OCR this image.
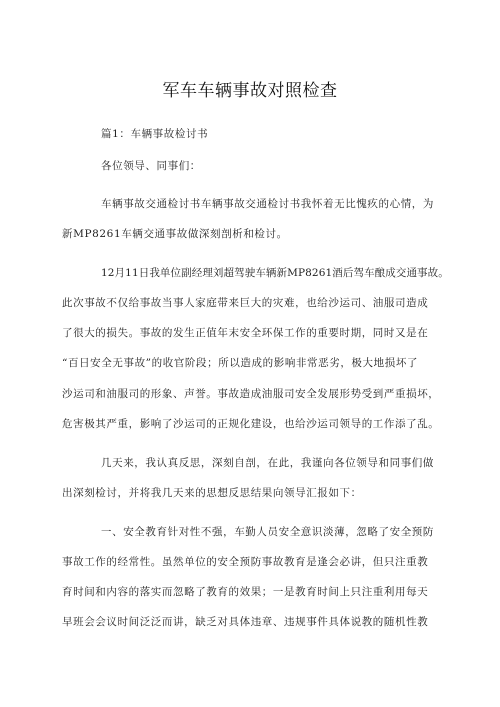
军车车辆事故对照检查
篇1：车辆事故检讨书
各位领导、同事们：
车辆事故交通检讨书车辆事故交通检讨书我怀着无比愧疚的心情，为
新MP8261车辆交通事故做深刻剖析和检讨。
12月11日我单位副经理刘超驾驶车辆新MP8261酒后驾车酿成交通事故。
此次事故不仅给事故当事人家庭带来巨大的灾难，也给沙运司、油服司造成
了很大的损失。事故的发生正值年末安全环保工作的重要时期，同时又是在
“百日安全无事故”的收官阶段；所以造成的影响非常恶劣，极大地损坏了
沙运司和油服司的形象、声誉。事故造成油服司安全发展形势受到严重损坏，
危害极其严重，影响了沙运司的正规化建设，也给沙运司领导的工作添了乱。
几天来，我认真反思，深刻自剖，在此，我谨向各位领导和同事们做
出深刻检讨，并将我几天来的思想反思结果向领导汇报如下：
一、安全教育针对性不强，车勤人员安全意识淡薄，忽略了安全预防
事故工作的经常性。虽然单位的安全预防事故教育是逢会必讲，但只注重教
育时间和内容的落实而忽略了教育的效果；一是教育时间上只注重利用每天
早班会会议时间泛泛而讲，缺乏对具体违章、违规事件具体说教的随机性教
